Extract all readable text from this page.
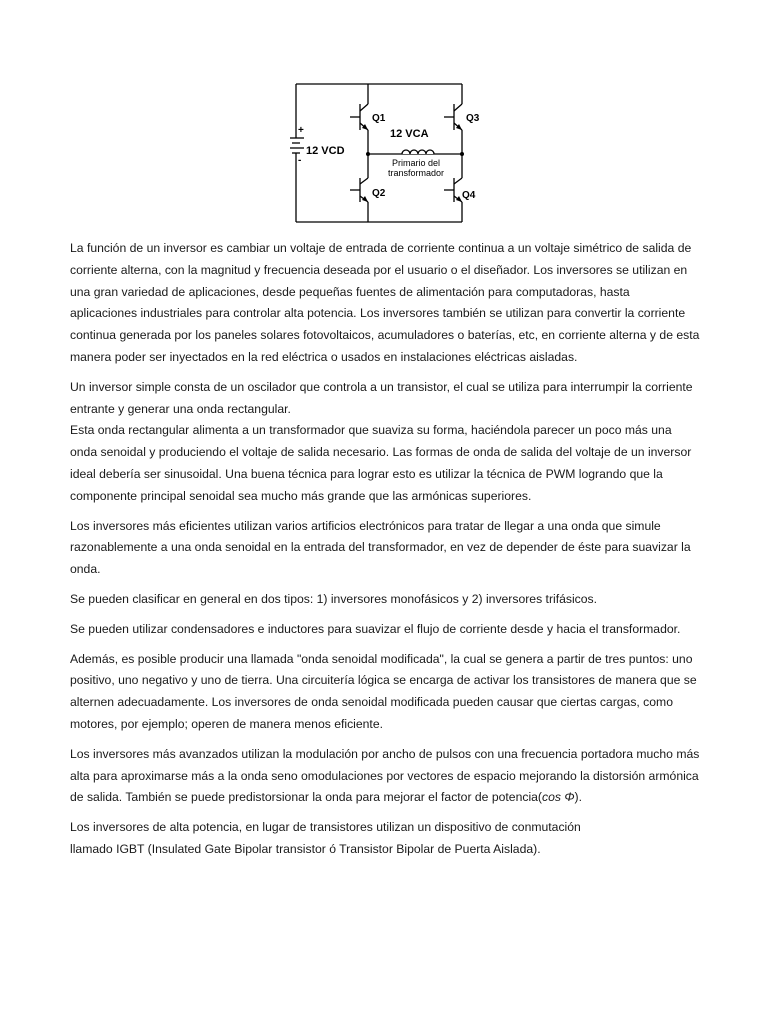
Q1
Q2
Q3
Q4
12 VCD
12 VCA
+
-	Primario del
transformador

La función de un inversor es cambiar un voltaje de entrada de corriente continua a un voltaje simétrico de salida de corriente alterna, con la magnitud y frecuencia deseada por el usuario o el diseñador. Los inversores se utilizan en una gran variedad de aplicaciones, desde pequeñas fuentes de alimentación para computadoras, hasta aplicaciones industriales para controlar alta potencia. Los inversores también se utilizan para convertir la corriente continua generada por los paneles solares fotovoltaicos, acumuladores o baterías, etc, en corriente alterna y de esta manera poder ser inyectados en la red eléctrica o usados en instalaciones eléctricas aisladas.

Un inversor simple consta de un oscilador que controla a un transistor, el cual se utiliza para interrumpir la corriente entrante y generar una onda rectangular.

Esta onda rectangular alimenta a un transformador que suaviza su forma, haciéndola parecer un poco más una onda senoidal y produciendo el voltaje de salida necesario. Las formas de onda de salida del voltaje de un inversor ideal debería ser sinusoidal. Una buena técnica para lograr esto es utilizar la técnica de PWM logrando que la componente principal senoidal sea mucho más grande que las armónicas superiores.

Los inversores más eficientes utilizan varios artificios electrónicos para tratar de llegar a una onda que simule razonablemente a una onda senoidal en la entrada del transformador, en vez de depender de éste para suavizar la onda.

Se pueden clasificar en general en dos tipos: 1) inversores monofásicos y 2) inversores trifásicos.

Se pueden utilizar condensadores e inductores para suavizar el flujo de corriente desde y hacia el transformador.

Además, es posible producir una llamada "onda senoidal modificada", la cual se genera a partir de tres puntos: uno positivo, uno negativo y uno de tierra. Una circuitería lógica se encarga de activar los transistores de manera que se alternen adecuadamente. Los inversores de onda senoidal modificada pueden causar que ciertas cargas, como motores, por ejemplo; operen de manera menos eficiente.

Los inversores más avanzados utilizan la modulación por ancho de pulsos con una frecuencia portadora mucho más alta para aproximarse más a la onda seno omodulaciones por vectores de espacio mejorando la distorsión armónica de salida. También se puede predistorsionar la onda para mejorar el factor de potencia(cos Φ).

Los inversores de alta potencia, en lugar de transistores utilizan un dispositivo de conmutación
llamado IGBT (Insulated Gate Bipolar transistor ó Transistor Bipolar de Puerta Aislada).
